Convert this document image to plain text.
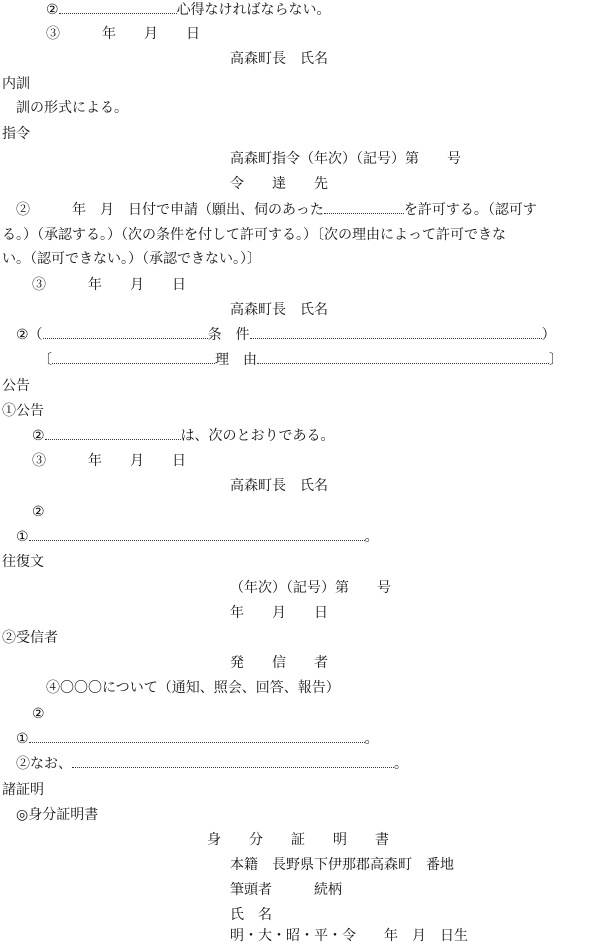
②	心得なければならない。
③　　　年　　月　　日
高森町長　氏名
内訓
訓の形式による。
指令
高森町指令（年次）（記号）第　　号
令　　達　　先
②　　　年　月　日付で申請（願出、伺のあった	を許可する。（認可す
る。）（承認する。）（次の条件を付して許可する。）〔次の理由によって許可できな
い。（認可できない。）（承認できない。）〕
③　　　年　　月　　日
高森町長　氏名
②（	条　件	）
〔	理　由	〕
公告
①公告
②	は、次のとおりである。
③　　　年　　月　　日
高森町長　氏名
②
①	。
往復文
（年次）（記号）第　　号
年　　月　　日
②受信者
発　　信　　者
④〇〇〇について（通知、照会、回答、報告）
②
①	。
②なお、	。
諸証明
◎身分証明書
身　　分　　証　　明　　書
本籍　長野県下伊那郡高森町　番地
筆頭者　　　続柄
氏　名
明・大・昭・平・令　　年　月　日生
